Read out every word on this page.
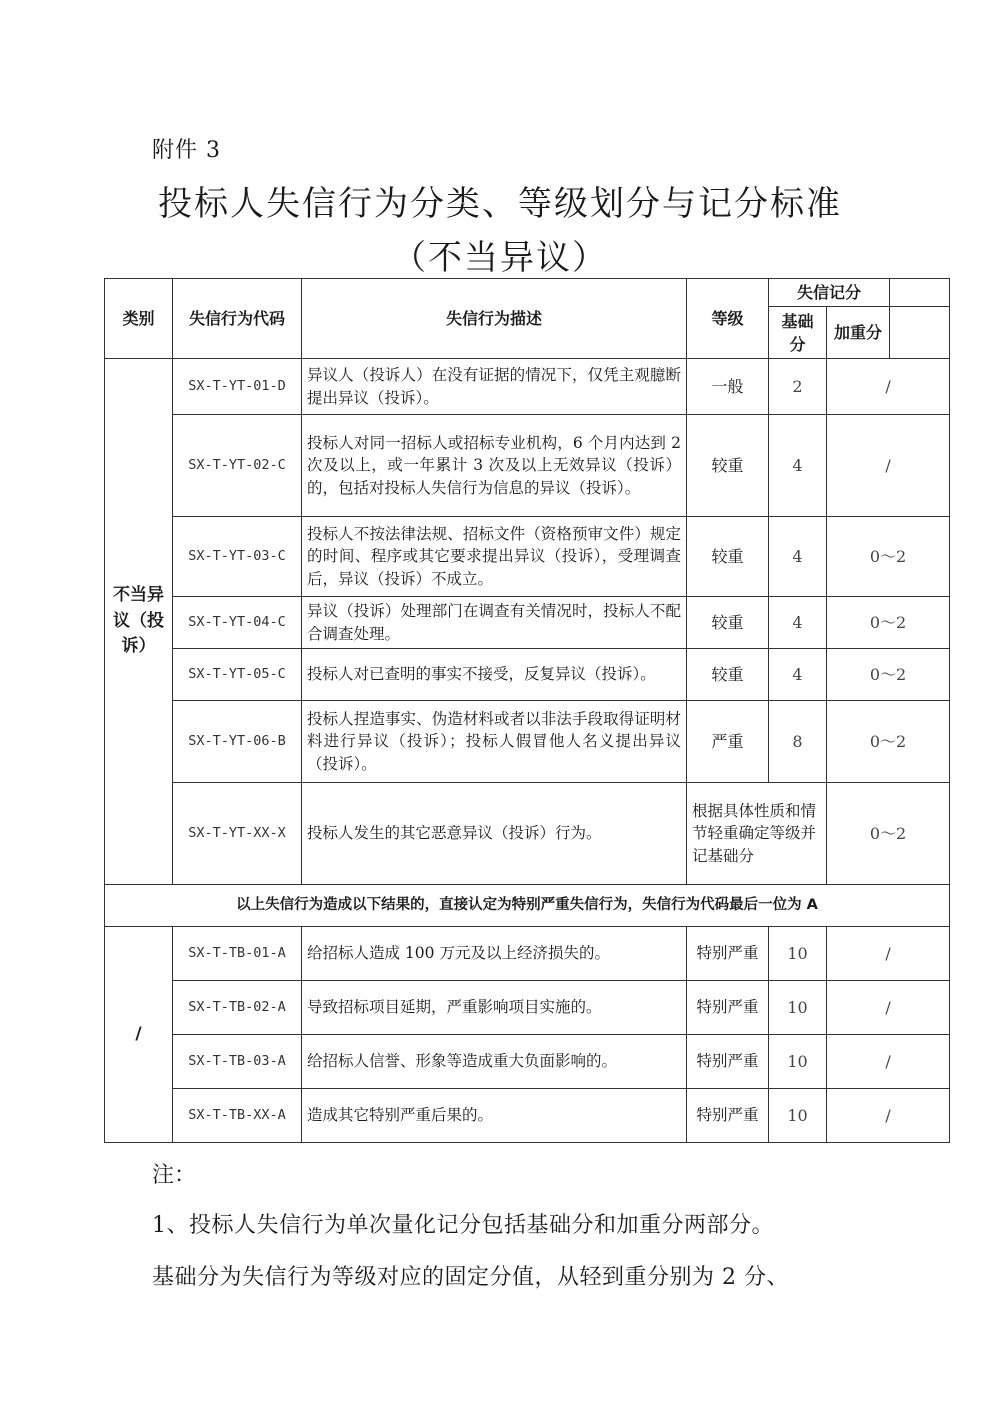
附件 3
投标人失信行为分类、等级划分与记分标准
（不当异议）
类别	失信行为代码	失信行为描述	等级	失信记分		
				基础分	加重分	
不当异议（投诉）	SX-T-YT-01-D	异议人（投诉人）在没有证据的情况下，仅凭主观臆断提出异议（投诉）。	一般	2	/	
	SX-T-YT-02-C	投标人对同一招标人或招标专业机构，6 个月内达到 2 次及以上，或一年累计 3 次及以上无效异议（投诉）的，包括对投标人失信行为信息的异议（投诉）。	较重	4	/	
	SX-T-YT-03-C	投标人不按法律法规、招标文件（资格预审文件）规定的时间、程序或其它要求提出异议（投诉），受理调查后，异议（投诉）不成立。	较重	4	0～2	
	SX-T-YT-04-C	异议（投诉）处理部门在调查有关情况时，投标人不配合调查处理。	较重	4	0～2	
	SX-T-YT-05-C	投标人对已查明的事实不接受，反复异议（投诉）。	较重	4	0～2	
	SX-T-YT-06-B	投标人捏造事实、伪造材料或者以非法手段取得证明材料进行异议（投诉）；投标人假冒他人名义提出异议（投诉）。	严重	8	0～2	
	SX-T-YT-XX-X	投标人发生的其它恶意异议（投诉）行为。	根据具体性质和情节轻重确定等级并记基础分		0～2	
以上失信行为造成以下结果的，直接认定为特别严重失信行为，失信行为代码最后一位为 A						
/	SX-T-TB-01-A	给招标人造成 100 万元及以上经济损失的。	特别严重	10	/	
	SX-T-TB-02-A	导致招标项目延期，严重影响项目实施的。	特别严重	10	/	
	SX-T-TB-03-A	给招标人信誉、形象等造成重大负面影响的。	特别严重	10	/	
	SX-T-TB-XX-A	造成其它特别严重后果的。	特别严重	10	/	
注：
1、投标人失信行为单次量化记分包括基础分和加重分两部分。
基础分为失信行为等级对应的固定分值，从轻到重分别为 2 分、
